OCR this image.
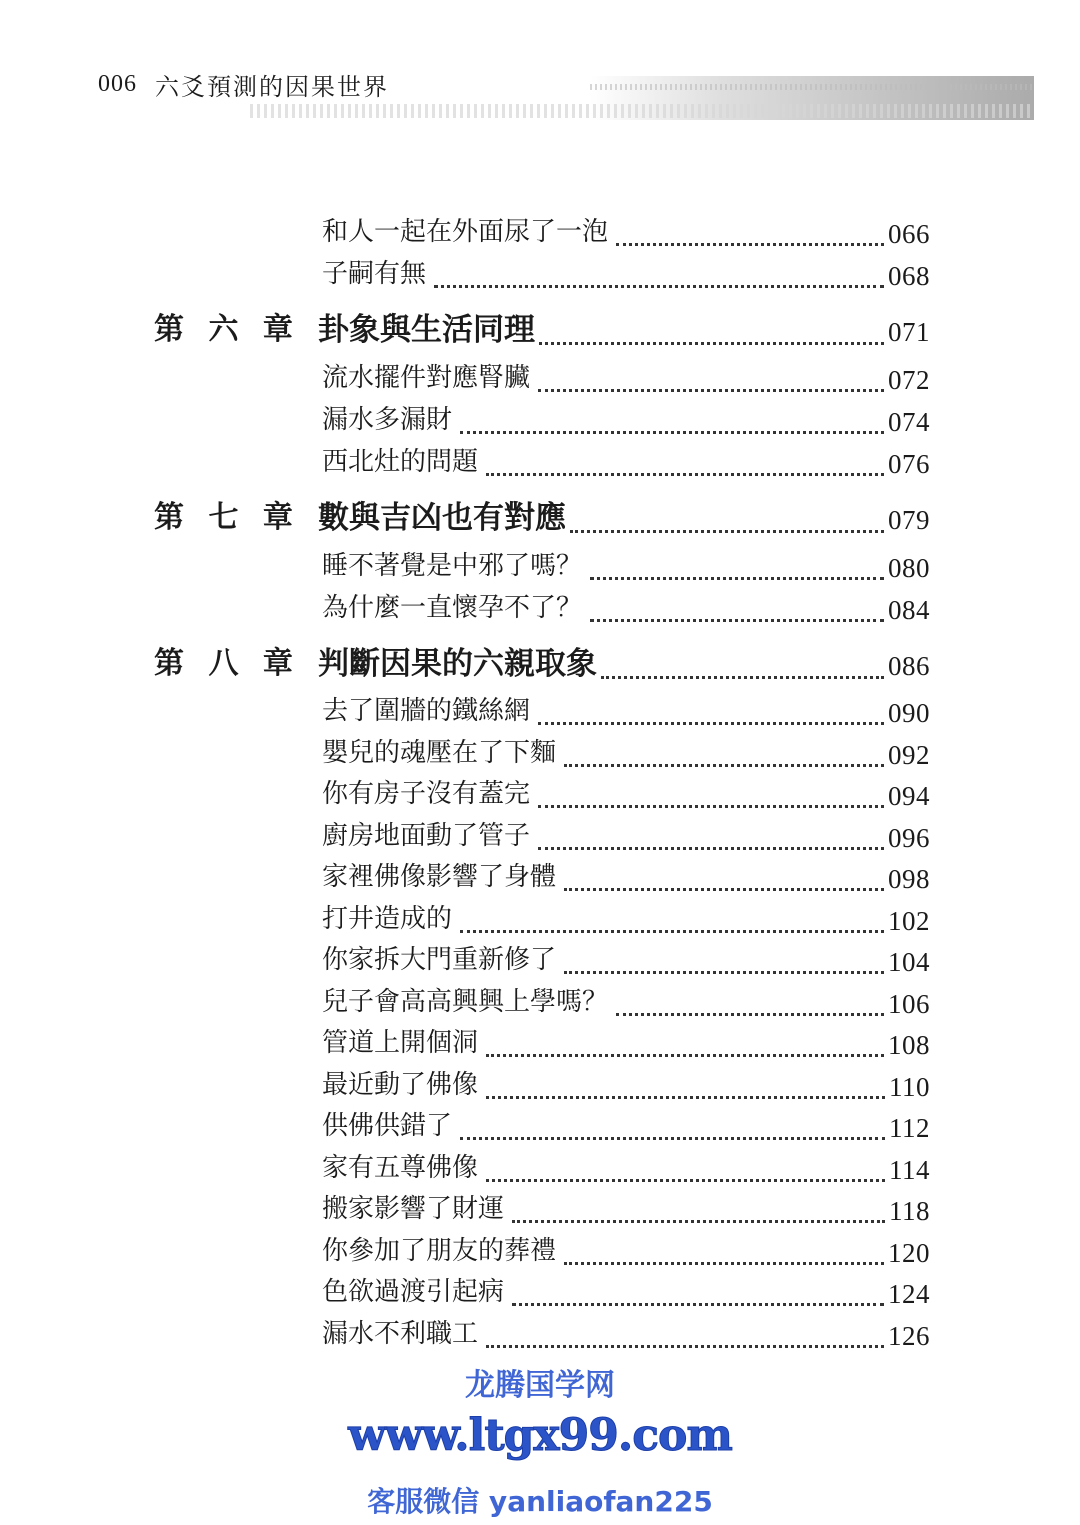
006 六爻預測的因果世界
和人一起在外面尿了一泡	066
子嗣有無	068
第 六 章 卦象與生活同理	071
流水擺件對應腎臟	072
漏水多漏財	074
西北灶的問題	076
第 七 章 數與吉凶也有對應	079
睡不著覺是中邪了嗎？	080
為什麼一直懷孕不了？	084
第 八 章 判斷因果的六親取象	086
去了圍牆的鐵絲網	090
嬰兒的魂壓在了下麵	092
你有房子沒有蓋完	094
廚房地面動了管子	096
家裡佛像影響了身體	098
打井造成的	102
你家拆大門重新修了	104
兒子會高高興興上學嗎？	106
管道上開個洞	108
最近動了佛像	110
供佛供錯了	112
家有五尊佛像	114
搬家影響了財運	118
你參加了朋友的葬禮	120
色欲過渡引起病	124
漏水不利職工	126
龙腾国学网
www.ltgx99.com
客服微信 yanliaofan225
